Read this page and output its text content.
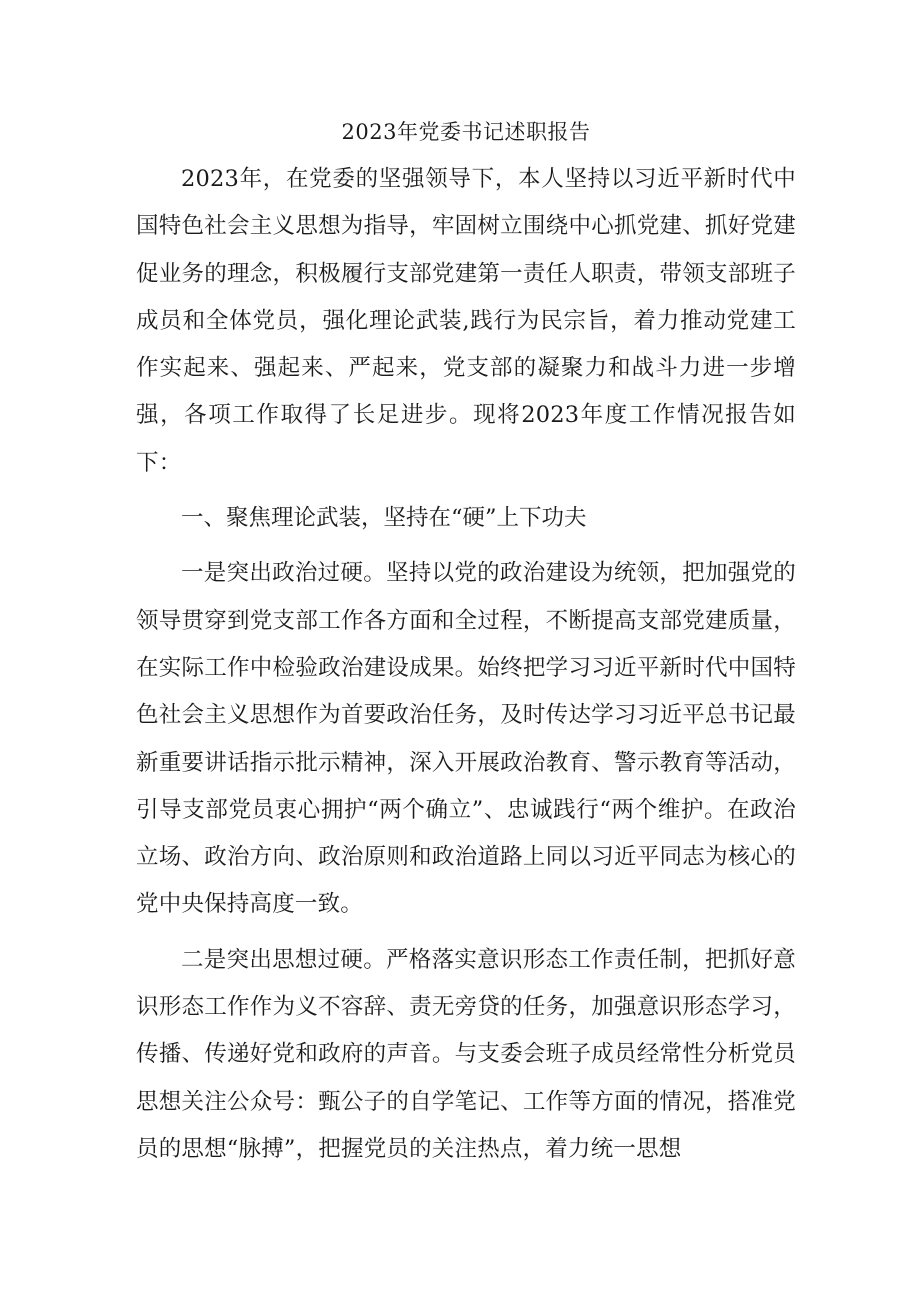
2023年党委书记述职报告

2023年，在党委的坚强领导下，本人坚持以习近平新时代中国特色社会主义思想为指导，牢固树立围绕中心抓党建、抓好党建促业务的理念，积极履行支部党建第一责任人职责，带领支部班子成员和全体党员，强化理论武装,践行为民宗旨，着力推动党建工作实起来、强起来、严起来，党支部的凝聚力和战斗力进一步增强，各项工作取得了长足进步。现将2023年度工作情况报告如下：

一、聚焦理论武装，坚持在“硬”上下功夫

一是突出政治过硬。坚持以党的政治建设为统领，把加强党的领导贯穿到党支部工作各方面和全过程，不断提高支部党建质量，在实际工作中检验政治建设成果。始终把学习习近平新时代中国特色社会主义思想作为首要政治任务，及时传达学习习近平总书记最新重要讲话指示批示精神，深入开展政治教育、警示教育等活动，引导支部党员衷心拥护“两个确立”、忠诚践行“两个维护。在政治立场、政治方向、政治原则和政治道路上同以习近平同志为核心的党中央保持高度一致。

二是突出思想过硬。严格落实意识形态工作责任制，把抓好意识形态工作作为义不容辞、责无旁贷的任务，加强意识形态学习，传播、传递好党和政府的声音。与支委会班子成员经常性分析党员思想关注公众号：甄公子的自学笔记、工作等方面的情况，搭准党员的思想“脉搏”，把握党员的关注热点，着力统一思想
